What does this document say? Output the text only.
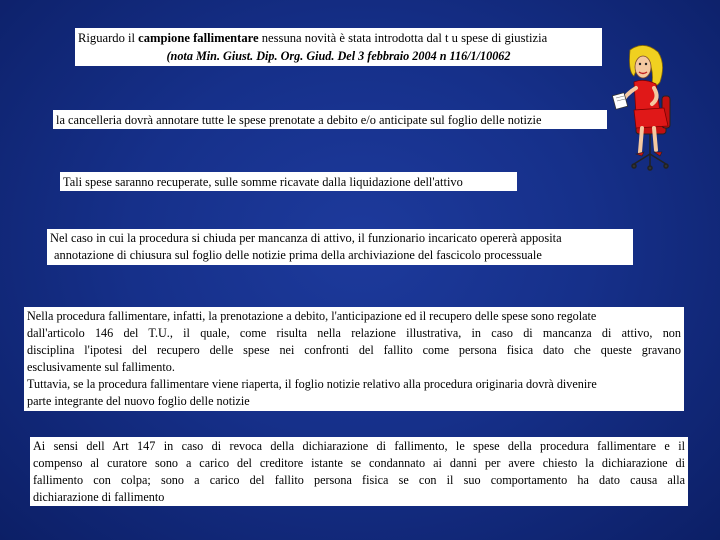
Riguardo il campione fallimentare nessuna novità è stata introdotta dal t u spese di giustizia
(nota Min. Giust. Dip. Org. Giud. Del 3 febbraio 2004 n 116/1/10062
la cancelleria dovrà annotare tutte le spese prenotate a debito e/o anticipate sul foglio delle notizie
Tali spese saranno recuperate, sulle somme ricavate dalla liquidazione dell'attivo
Nel caso in cui la procedura si chiuda per mancanza di attivo, il funzionario incaricato opererà apposita
annotazione di chiusura sul foglio delle notizie prima della archiviazione del fascicolo processuale
Nella procedura fallimentare, infatti, la prenotazione a debito, l'anticipazione ed il recupero delle spese sono regolate
dall'articolo 146 del T.U., il quale, come risulta nella relazione illustrativa, in caso di mancanza di attivo, non
disciplina l'ipotesi del recupero delle spese nei confronti del fallito come persona fisica dato che queste gravano
esclusivamente sul fallimento.
Tuttavia, se la procedura fallimentare viene riaperta, il foglio notizie relativo alla procedura originaria dovrà divenire
parte integrante del nuovo foglio delle notizie
Ai sensi dell Art 147 in caso di revoca della dichiarazione di fallimento, le spese della procedura fallimentare e il
compenso al curatore sono a carico del creditore istante se condannato ai danni per avere chiesto la dichiarazione di
fallimento con colpa; sono a carico del fallito persona fisica se con il suo comportamento ha dato causa alla
dichiarazione di fallimento
